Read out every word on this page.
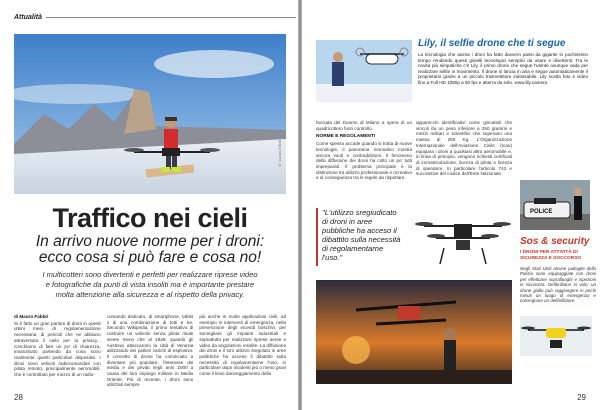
Attualità
© Lucas Elliott
Traffico nei cieli
In arrivo nuove norme per i droni:
ecco cosa si può fare e cosa no!
I multicotteri sono divertenti e perfetti per realizzare riprese video
e fotografiche da punti di vista insoliti ma è importante prestare
molta attenzione alla sicurezza e al rispetto della privacy.
di Mauro Fabbri
Si è fatto un gran parlare di droni in questi ultimi mesi, di regolamentazione necessaria, di pericoli che ne abbiano attraversato il cielo per la privacy... Cerchiamo di fare un po' di chiarezza, innanzitutto partendo da cosa sono realmente questi particolari dispositivi. I droni sono velivoli radiocomandati con pilota remoto, principalmente aeromobili, che è controllato per mezzo di un radio-
comando dedicato, di smartphone, tablet o di una combinazione di tutti e tre. Secondo Wikipedia, il primo tentativo di costruire un velivolo senza pilota risale niente meno che al 1849, quando gli Austriaci attaccarono la città di Venezia utilizzando dei palloni carichi di esplosivo. Il concetto di drone ha cominciato a diventare più popolare, l'interesse dei media e dei privati negli anni 2000 a causa del loro impiego militare in Medio Oriente. Più di recente, i droni sono utilizzati sempre
più anche in molte applicazioni civili, ad esempio in interventi di emergenza, nella prevenzione degli incendi boschivi, per sorvegliare gli impianti industriali e soprattutto per realizzare riprese aeree e video da angolazioni insolite. La diffusione dei droni e il loro utilizzo sregolato in aree pubbliche ha acceso il dibattito sulla necessità di regolamentarne l'uso, in particolare dopo incidenti più o meno gravi come il lieve danneggiamento della
28
Lily, il selfie drone che ti segue
La tecnologia che anima i droni ha fatto davvero passi da gigante in pochissimo tempo rendendo questi gioielli tecnologici semplici da usare e divertenti. Tra le novità più simpatiche c'è Lily, il primo drone che segue l'utente ovunque vada per realizzare selfie in movimento. Il drone si lancia in aria e segue automaticamente il proprietario grazie a un piccolo trasmettitore indossabile. Lily scatta foto e video fino a Full HD 1080p a 60 fps e atterra da solo. www.lily.camera
facciata del Duomo di Milano a opera di un quadricottero fuori controllo.
NORME E REGOLAMENTI
Come spesso accade quando si tratta di nuove tecnologie, il panorama normativo mostra ancora vuoti e contraddizioni. Il fenomeno della diffusione dei droni ha colto un po' tutti impreparati. Il problema principale è la distinzione tra utilizzo professionale e ricreativo e di conseguenza tra le regole da rispettare.
apparecchi identificativi come giocattoli che vincoli da un peso inferiore a 250 grammi e mezzi militari e scientifici che superano una massa di 250 Kg. L'Organizzazione Internazionale dell'Aviazione Civile (Icao) equipara i droni a qualsiasi altro aeromobile e, in linea di principio, vengono richiesti certificati di immatricolazione, licenza di pilota e licenza di operatore. In particolare l'articolo 743 e successive del codice dell'Ente Nazionale
"L'utilizzo sregiudicato di droni in aree pubbliche ha acceso il dibattito sulla necessità di regolamentarne l'uso."
POLICE
Sos & security
I DRONI PER ATTIVITÀ DI SICUREZZA E SOCCORSO
Negli Stati Uniti alcune pattuglie della Polizia sono equipaggiate con droni per effettuare sopralluoghi e ispezioni in sicurezza. Defibrillatori in volo: un drone giallo può raggiungere in pochi minuti un luogo di emergenza e consegnare un defibrillatore.
29
